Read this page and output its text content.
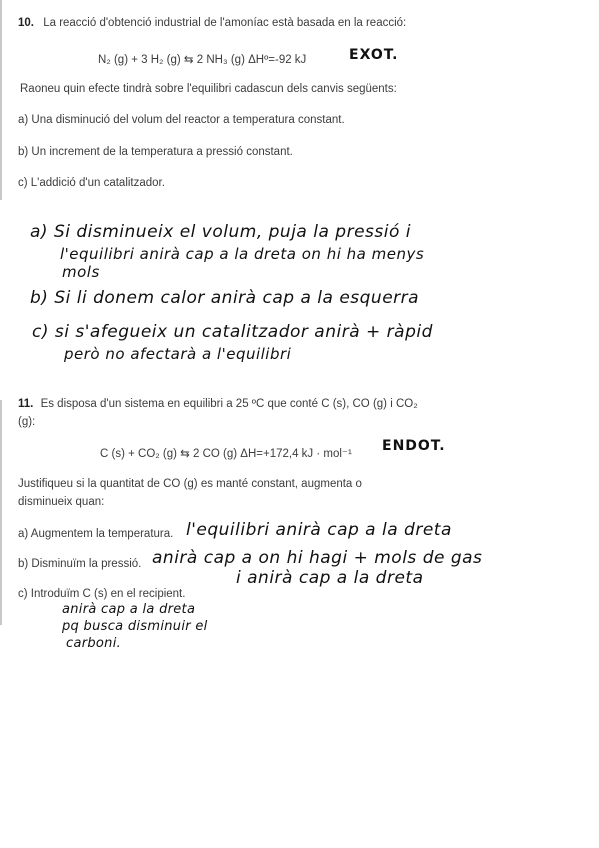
10. La reacció d'obtenció industrial de l'amoníac està basada en la reacció:
N₂ (g) + 3 H₂ (g) ⇆ 2 NH₃ (g) ΔHº=-92 kJ	EXOT.
Raoneu quin efecte tindrà sobre l'equilibri cadascun dels canvis següents:
a) Una disminució del volum del reactor a temperatura constant.
b) Un increment de la temperatura a pressió constant.
c) L'addició d'un catalitzador.
a) Si disminueix el volum, puja la pressió i
l'equilibri anirà cap a la dreta on hi ha menys
mols
b) Si li donem calor anirà cap a la esquerra
c) si s'afegueix un catalitzador anirà + ràpid
però no afectarà a l'equilibri
11. Es disposa d'un sistema en equilibri a 25 ºC que conté C (s), CO (g) i CO₂
(g):
C (s) + CO₂ (g) ⇆ 2 CO (g) ΔH=+172,4 kJ · mol⁻¹ ENDOT.
Justifiqueu si la quantitat de CO (g) es manté constant, augmenta o
disminueix quan:
a) Augmentem la temperatura. l'equilibri anirà cap a la dreta
b) Disminuïm la pressió. anirà cap a on hi hagi + mols de gas
i anirà cap a la dreta
c) Introduïm C (s) en el recipient.
anirà cap a la dreta
pq busca disminuir el
carboni.
